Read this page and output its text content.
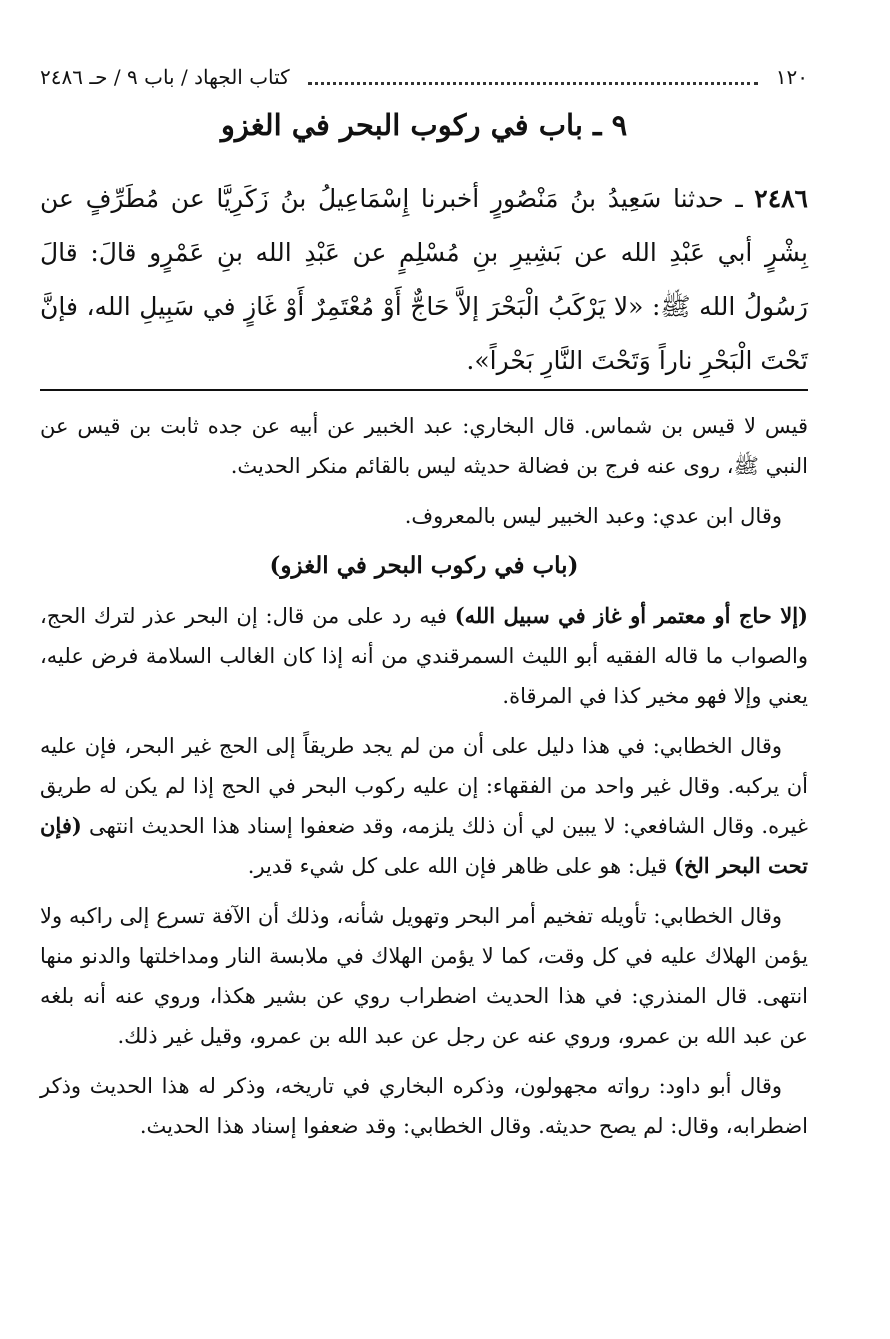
١٢٠
كتاب الجهاد / باب ٩ / حـ ٢٤٨٦
٩ ـ باب في ركوب البحر في الغزو
٢٤٨٦ ـ حدثنا سَعِيدُ بنُ مَنْصُورٍ أخبرنا إِسْمَاعِيلُ بنُ زَكَرِيَّا عن مُطَرِّفٍ عن بِشْرٍ أبي عَبْدِ الله عن بَشِيرِ بنِ مُسْلِمٍ عن عَبْدِ الله بنِ عَمْرٍو قالَ: قالَ رَسُولُ الله ﷺ: «لا يَرْكَبُ الْبَحْرَ إلاَّ حَاجٌّ أَوْ مُعْتَمِرٌ أَوْ غَازٍ في سَبِيلِ الله، فإنَّ تَحْتَ الْبَحْرِ ناراً وَتَحْتَ النَّارِ بَحْراً».

قيس لا قيس بن شماس. قال البخاري: عبد الخبير عن أبيه عن جده ثابت بن قيس عن النبي ﷺ، روى عنه فرج بن فضالة حديثه ليس بالقائم منكر الحديث.

وقال ابن عدي: وعبد الخبير ليس بالمعروف.

(باب في ركوب البحر في الغزو)

(إلا حاج أو معتمر أو غاز في سبيل الله) فيه رد على من قال: إن البحر عذر لترك الحج، والصواب ما قاله الفقيه أبو الليث السمرقندي من أنه إذا كان الغالب السلامة فرض عليه، يعني وإلا فهو مخير كذا في المرقاة.

وقال الخطابي: في هذا دليل على أن من لم يجد طريقاً إلى الحج غير البحر، فإن عليه أن يركبه. وقال غير واحد من الفقهاء: إن عليه ركوب البحر في الحج إذا لم يكن له طريق غيره. وقال الشافعي: لا يبين لي أن ذلك يلزمه، وقد ضعفوا إسناد هذا الحديث انتهى (فإن تحت البحر الخ) قيل: هو على ظاهر فإن الله على كل شيء قدير.

وقال الخطابي: تأويله تفخيم أمر البحر وتهويل شأنه، وذلك أن الآفة تسرع إلى راكبه ولا يؤمن الهلاك عليه في كل وقت، كما لا يؤمن الهلاك في ملابسة النار ومداخلتها والدنو منها انتهى. قال المنذري: في هذا الحديث اضطراب روي عن بشير هكذا، وروي عنه أنه بلغه عن عبد الله بن عمرو، وروي عنه عن رجل عن عبد الله بن عمرو، وقيل غير ذلك.

وقال أبو داود: رواته مجهولون، وذكره البخاري في تاريخه، وذكر له هذا الحديث وذكر اضطرابه، وقال: لم يصح حديثه. وقال الخطابي: وقد ضعفوا إسناد هذا الحديث.
